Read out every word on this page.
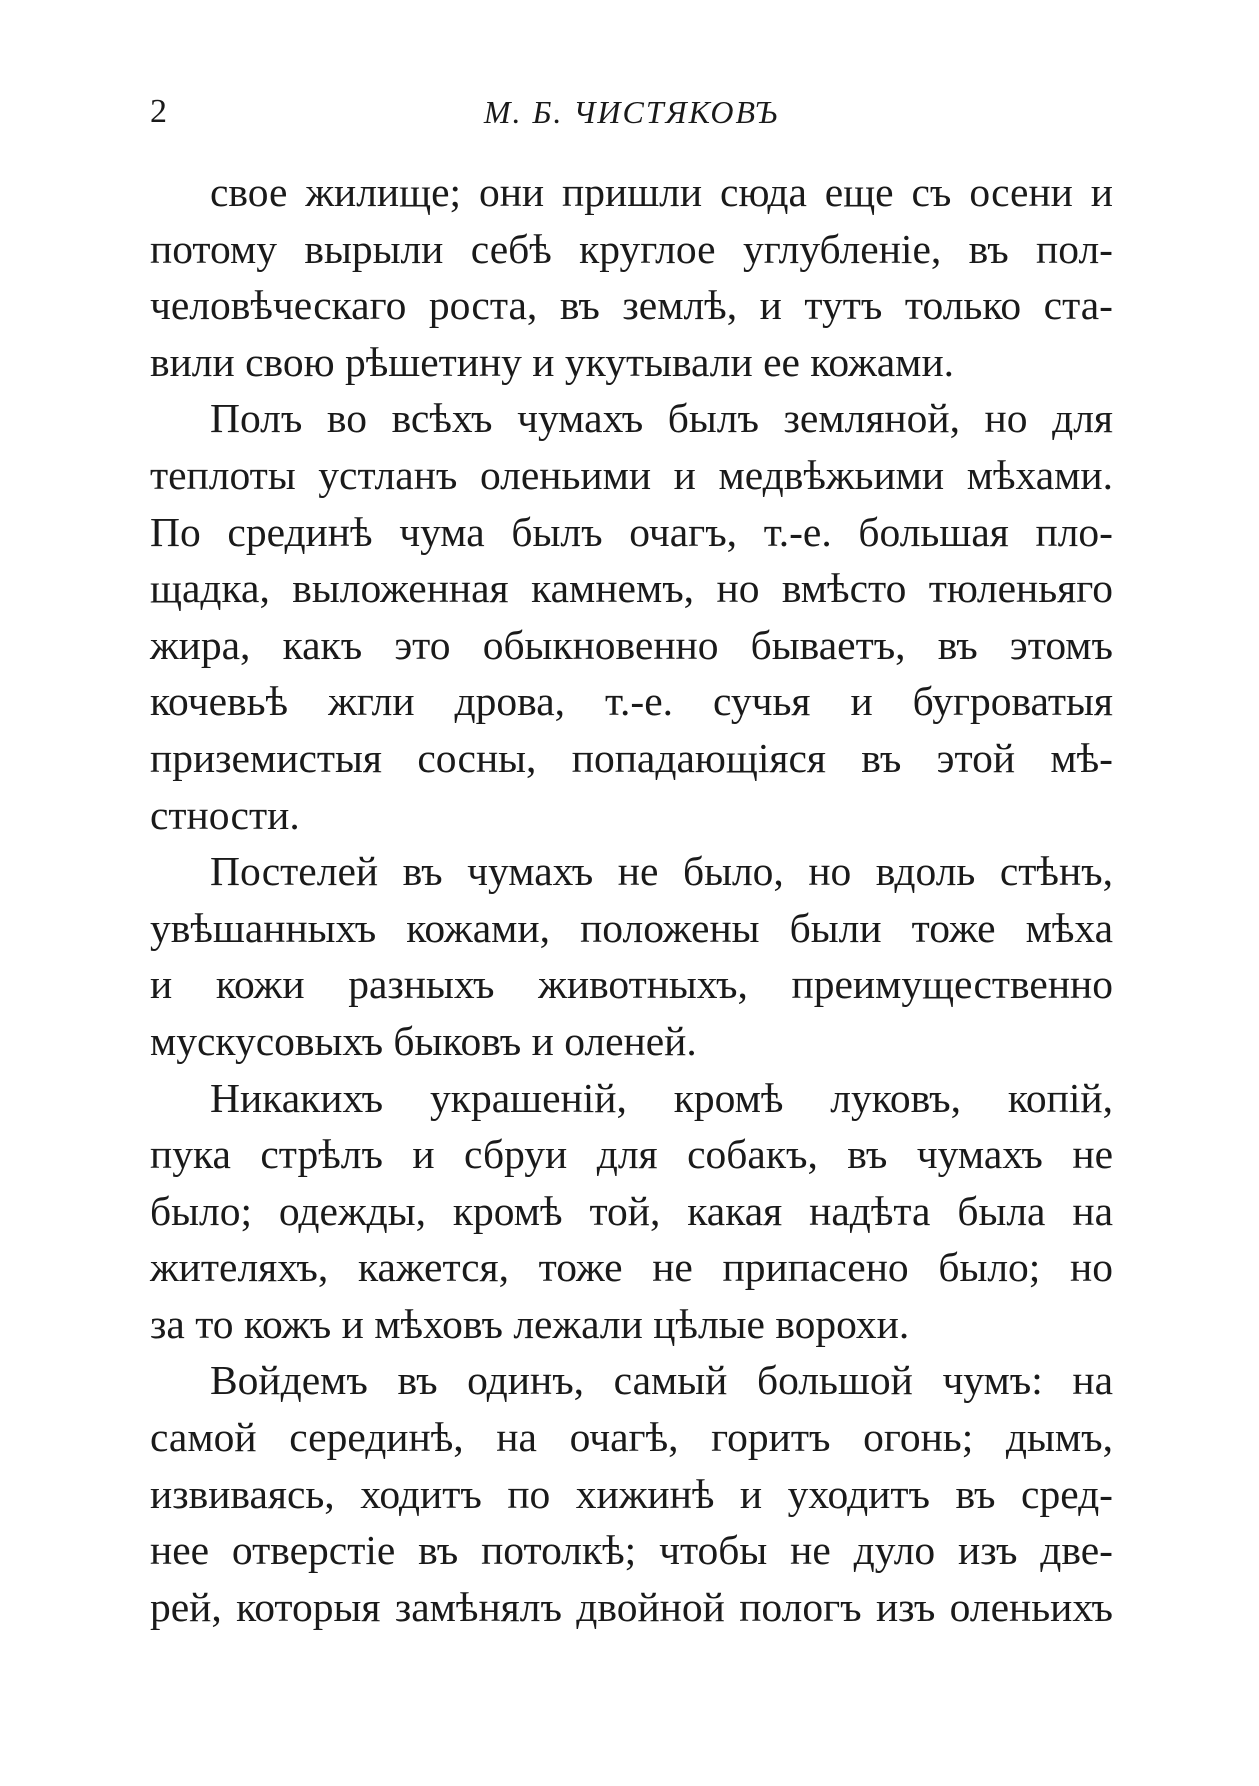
2	М. Б. ЧИСТЯКОВЪ
свое жилище; они пришли сюда еще съ осени и
потому вырыли себѣ круглое углубленіе, въ пол-
человѣческаго роста, въ землѣ, и тутъ только ста-
вили свою рѣшетину и укутывали ее кожами.
Полъ во всѣхъ чумахъ былъ земляной, но для
теплоты устланъ оленьими и медвѣжьими мѣхами.
По срединѣ чума былъ очагъ, т.-е. большая пло-
щадка, выложенная камнемъ, но вмѣсто тюленьяго
жира, какъ это обыкновенно бываетъ, въ этомъ
кочевьѣ жгли дрова, т.-е. сучья и бугроватыя
приземистыя сосны, попадающіяся въ этой мѣ-
стности.
Постелей въ чумахъ не было, но вдоль стѣнъ,
увѣшанныхъ кожами, положены были тоже мѣха
и кожи разныхъ животныхъ, преимущественно
мускусовыхъ быковъ и оленей.
Никакихъ украшеній, кромѣ луковъ, копій,
пука стрѣлъ и сбруи для собакъ, въ чумахъ не
было; одежды, кромѣ той, какая надѣта была на
жителяхъ, кажется, тоже не припасено было; но
за то кожъ и мѣховъ лежали цѣлые ворохи.
Войдемъ въ одинъ, самый большой чумъ: на
самой серединѣ, на очагѣ, горитъ огонь; дымъ,
извиваясь, ходитъ по хижинѣ и уходитъ въ сред-
нее отверстіе въ потолкѣ; чтобы не дуло изъ две-
рей, которыя замѣнялъ двойной пологъ изъ оленьихъ
